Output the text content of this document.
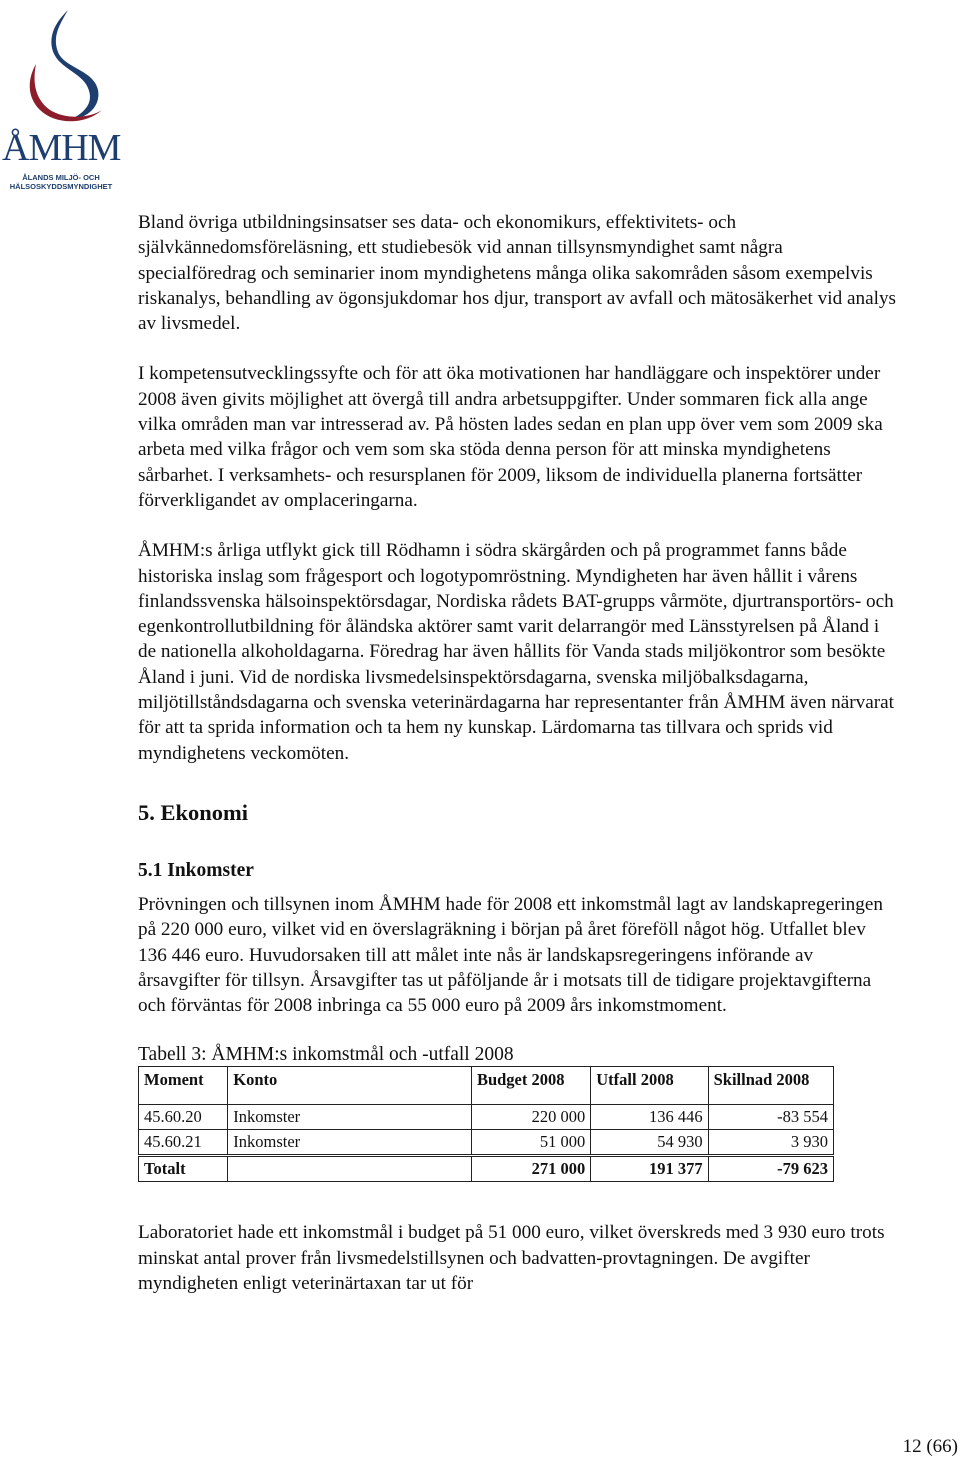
ÅMHM
ÅLANDS MILJÖ- OCH
HÄLSOSKYDDSMYNDIGHET

Bland övriga utbildningsinsatser ses data- och ekonomikurs, effektivitets- och självkännedomsföreläsning, ett studiebesök vid annan tillsynsmyndighet samt några specialföredrag och seminarier inom myndighetens många olika sakområden såsom exempelvis riskanalys, behandling av ögonsjukdomar hos djur, transport av avfall och mätosäkerhet vid analys av livsmedel.

I kompetensutvecklingssyfte och för att öka motivationen har handläggare och inspektörer under 2008 även givits möjlighet att övergå till andra arbetsuppgifter. Under sommaren fick alla ange vilka områden man var intresserad av. På hösten lades sedan en plan upp över vem som 2009 ska arbeta med vilka frågor och vem som ska stöda denna person för att minska myndighetens sårbarhet. I verksamhets- och resursplanen för 2009, liksom de individuella planerna fortsätter förverkligandet av omplaceringarna.

ÅMHM:s årliga utflykt gick till Rödhamn i södra skärgården och på programmet fanns både historiska inslag som frågesport och logotypomröstning. Myndigheten har även hållit i vårens finlandssvenska hälsoinspektörsdagar, Nordiska rådets BAT-grupps vårmöte, djurtransportörs- och egenkontrollutbildning för åländska aktörer samt varit delarrangör med Länsstyrelsen på Åland i de nationella alkoholdagarna. Föredrag har även hållits för Vanda stads miljökontror som besökte Åland i juni. Vid de nordiska livsmedelsinspektörsdagarna, svenska miljöbalksdagarna, miljötillståndsdagarna och svenska veterinärdagarna har representanter från ÅMHM även närvarat för att ta sprida information och ta hem ny kunskap. Lärdomarna tas tillvara och sprids vid myndighetens veckomöten.

5. Ekonomi
5.1 Inkomster

Prövningen och tillsynen inom ÅMHM hade för 2008 ett inkomstmål lagt av landskapregeringen på 220 000 euro, vilket vid en överslagräkning i början på året föreföll något hög. Utfallet blev 136 446 euro. Huvudorsaken till att målet inte nås är landskapsregeringens införande av årsavgifter för tillsyn. Årsavgifter tas ut påföljande år i motsats till de tidigare projektavgifterna och förväntas för 2008 inbringa ca 55 000 euro på 2009 års inkomstmoment.

Tabell 3: ÅMHM:s inkomstmål och -utfall 2008
Moment	Konto	Budget 2008	Utfall 2008	Skillnad 2008
45.60.20	Inkomster	220 000	136 446	-83 554
45.60.21	Inkomster	51 000	54 930	3 930
Totalt		271 000	191 377	-79 623

Laboratoriet hade ett inkomstmål i budget på 51 000 euro, vilket överskreds med 3 930 euro trots minskat antal prover från livsmedelstillsynen och badvatten-provtagningen. De avgifter myndigheten enligt veterinärtaxan tar ut för

12 (66)
